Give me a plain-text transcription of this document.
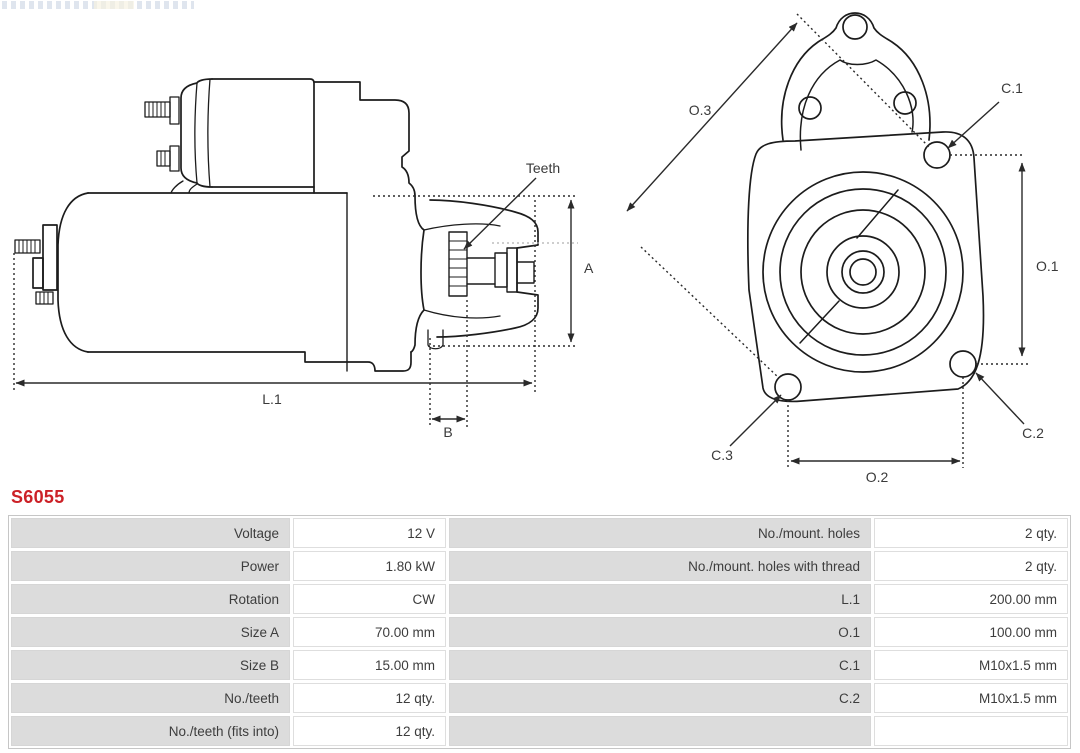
Teeth
A
L.1
B
O.3
C.1
O.1
C.2
C.3
O.2
S6055
Voltage	12 V	No./mount. holes	2 qty.
Power	1.80 kW	No./mount. holes with thread	2 qty.
Rotation	CW	L.1	200.00 mm
Size A	70.00 mm	O.1	100.00 mm
Size B	15.00 mm	C.1	M10x1.5 mm
No./teeth	12 qty.	C.2	M10x1.5 mm
No./teeth (fits into)	12 qty.
